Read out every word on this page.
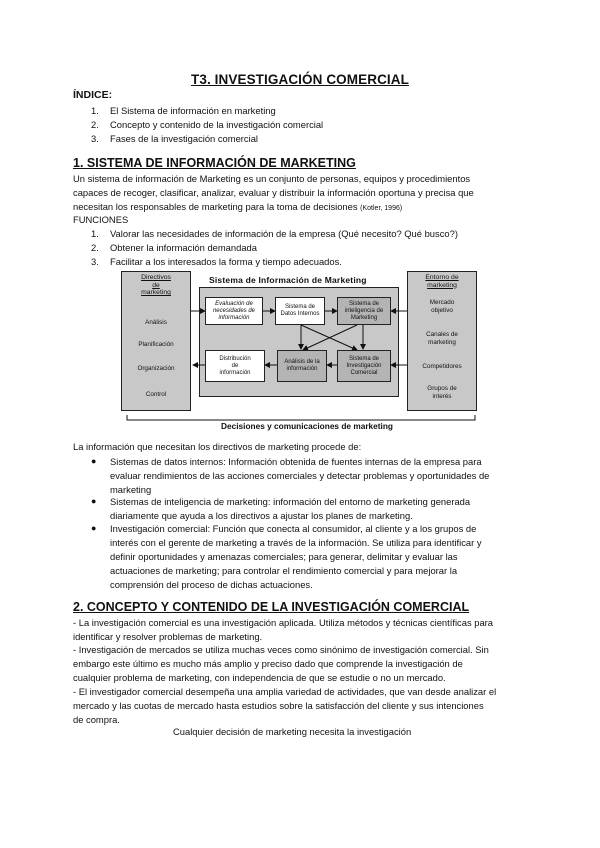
T3. INVESTIGACIÓN COMERCIAL
ÍNDICE:
1. El Sistema de información en marketing
2. Concepto y contenido de la investigación comercial
3. Fases de la investigación comercial
1. SISTEMA DE INFORMACIÓN DE MARKETING
Un sistema de información de Marketing es un conjunto de personas, equipos y procedimientos
capaces de recoger, clasificar, analizar, evaluar y distribuir la información oportuna y precisa que
necesitan los responsables de marketing para la toma de decisiones (Kotler, 1996)
FUNCIONES
1. Valorar las necesidades de información de la empresa (Qué necesito? Qué busco?)
2. Obtener la información demandada
3. Facilitar a los interesados la forma y tiempo adecuados.
Directivos
de
marketing
Análisis
Planificación
Organización
Control
Sistema de Información de Marketing
Evaluación de
necesidades de
información
Sistema de
Datos Internos
Sistema de
inteligencia de
Marketing
Distribución
de
información
Análisis de la
información
Sistema de
Investigación
Comercial
Entorno de
marketing
Mercado
objetivo
Canales de
marketing
Competidores
Grupos de
interés
Decisiones y comunicaciones de marketing
La información que necesitan los directivos de marketing procede de:
● Sistemas de datos internos: Información obtenida de fuentes internas de la empresa para
evaluar rendimientos de las acciones comerciales y detectar problemas y oportunidades de
marketing
● Sistemas de inteligencia de marketing: información del entorno de marketing generada
diariamente que ayuda a los directivos a ajustar los planes de marketing.
● Investigación comercial: Función que conecta al consumidor, al cliente y a los grupos de
interés con el gerente de marketing a través de la información. Se utiliza para identificar y
definir oportunidades y amenazas comerciales; para generar, delimitar y evaluar las
actuaciones de marketing; para controlar el rendimiento comercial y para mejorar la
comprensión del proceso de dichas actuaciones.
2. CONCEPTO Y CONTENIDO DE LA INVESTIGACIÓN COMERCIAL
- La investigación comercial es una investigación aplicada. Utiliza métodos y técnicas científicas para
identificar y resolver problemas de marketing.
- Investigación de mercados se utiliza muchas veces como sinónimo de investigación comercial. Sin
embargo este último es mucho más amplio y preciso dado que comprende la investigación de
cualquier problema de marketing, con independencia de que se estudie o no un mercado.
- El investigador comercial desempeña una amplia variedad de actividades, que van desde analizar el
mercado y las cuotas de mercado hasta estudios sobre la satisfacción del cliente y sus intenciones
de compra.
Cualquier decisión de marketing necesita la investigación
